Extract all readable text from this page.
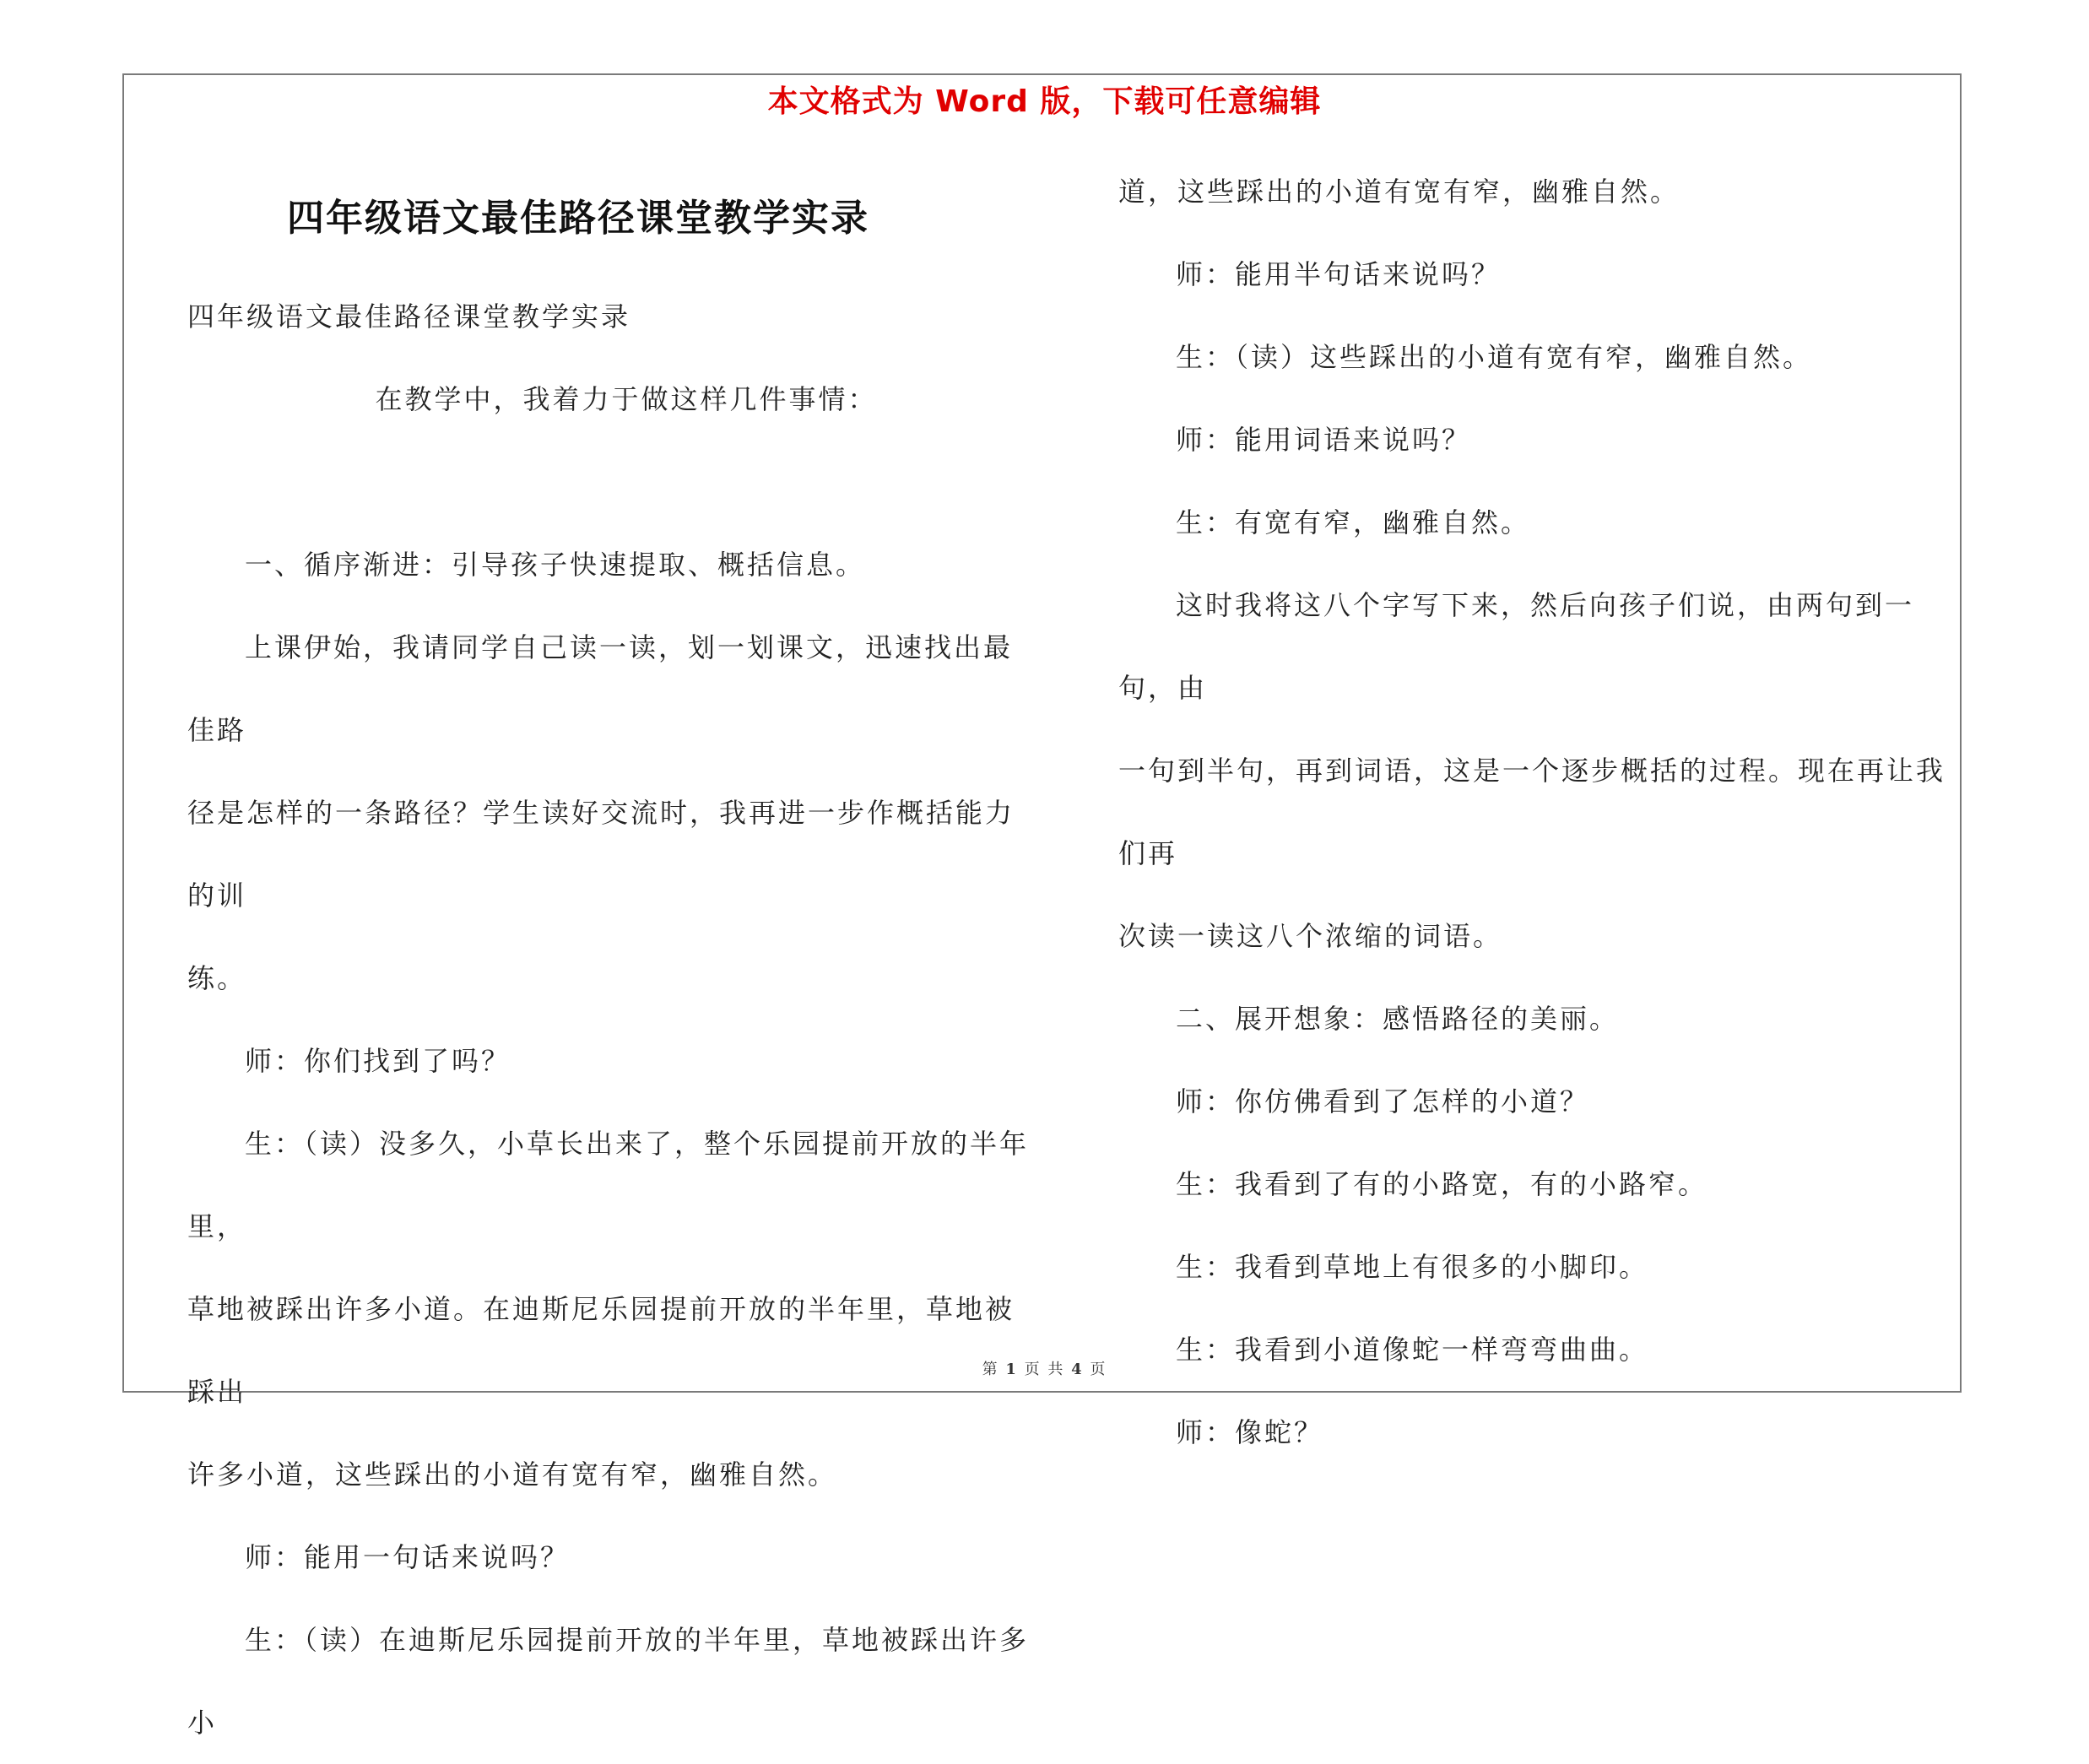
本文格式为 Word 版，下载可任意编辑
四年级语文最佳路径课堂教学实录

四年级语文最佳路径课堂教学实录

在教学中，我着力于做这样几件事情：

一、循序渐进：引导孩子快速提取、概括信息。

上课伊始，我请同学自己读一读，划一划课文，迅速找出最佳路

径是怎样的一条路径？学生读好交流时，我再进一步作概括能力的训

练。

师：你们找到了吗？

生：（读）没多久，小草长出来了，整个乐园提前开放的半年里，

草地被踩出许多小道。在迪斯尼乐园提前开放的半年里，草地被踩出

许多小道，这些踩出的小道有宽有窄，幽雅自然。

师：能用一句话来说吗？

生：（读）在迪斯尼乐园提前开放的半年里，草地被踩出许多小

道，这些踩出的小道有宽有窄，幽雅自然。

师：能用半句话来说吗？

生：（读）这些踩出的小道有宽有窄，幽雅自然。

师：能用词语来说吗？

生：有宽有窄，幽雅自然。

这时我将这八个字写下来，然后向孩子们说，由两句到一句，由

一句到半句，再到词语，这是一个逐步概括的过程。现在再让我们再

次读一读这八个浓缩的词语。

二、展开想象：感悟路径的美丽。

师：你仿佛看到了怎样的小道？

生：我看到了有的小路宽，有的小路窄。

生：我看到草地上有很多的小脚印。

生：我看到小道像蛇一样弯弯曲曲。

师：像蛇？

第 1 页 共 4 页
